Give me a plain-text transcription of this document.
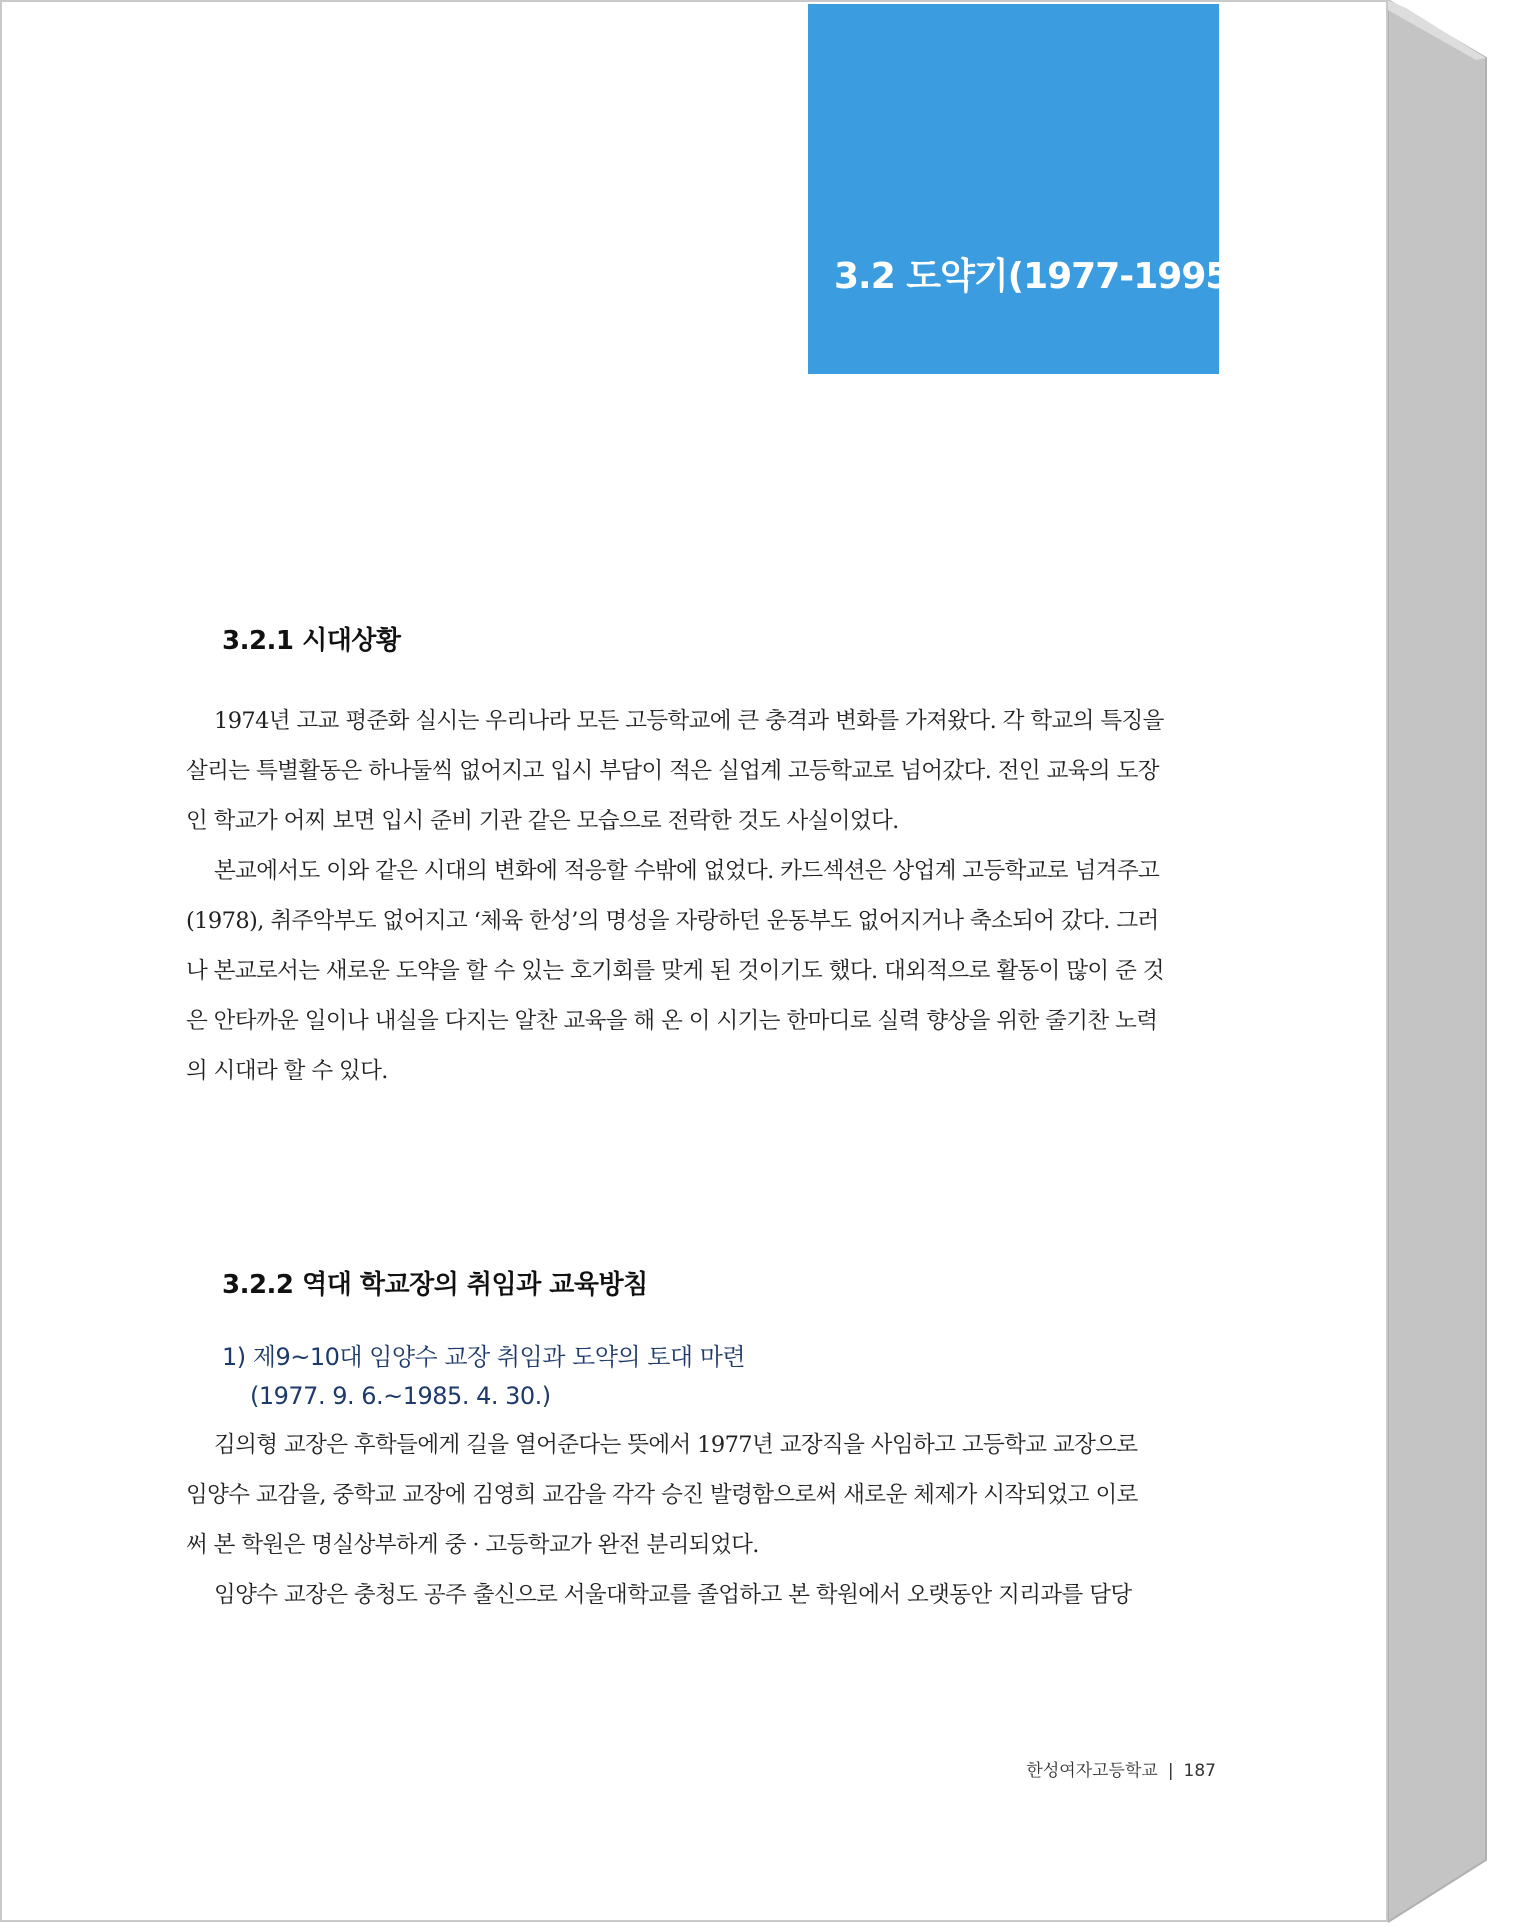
3.2 도약기(1977-1995)
3.2.1 시대상황
1974년 고교 평준화 실시는 우리나라 모든 고등학교에 큰 충격과 변화를 가져왔다. 각 학교의 특징을
살리는 특별활동은 하나둘씩 없어지고 입시 부담이 적은 실업계 고등학교로 넘어갔다. 전인 교육의 도장
인 학교가 어찌 보면 입시 준비 기관 같은 모습으로 전락한 것도 사실이었다.
본교에서도 이와 같은 시대의 변화에 적응할 수밖에 없었다. 카드섹션은 상업계 고등학교로 넘겨주고
(1978), 취주악부도 없어지고 ‘체육 한성’의 명성을 자랑하던 운동부도 없어지거나 축소되어 갔다. 그러
나 본교로서는 새로운 도약을 할 수 있는 호기회를 맞게 된 것이기도 했다. 대외적으로 활동이 많이 준 것
은 안타까운 일이나 내실을 다지는 알찬 교육을 해 온 이 시기는 한마디로 실력 향상을 위한 줄기찬 노력
의 시대라 할 수 있다.
3.2.2 역대 학교장의 취임과 교육방침
1) 제9~10대 임양수 교장 취임과 도약의 토대 마련
(1977. 9. 6.~1985. 4. 30.)
김의형 교장은 후학들에게 길을 열어준다는 뜻에서 1977년 교장직을 사임하고 고등학교 교장으로
임양수 교감을, 중학교 교장에 김영희 교감을 각각 승진 발령함으로써 새로운 체제가 시작되었고 이로
써 본 학원은 명실상부하게 중 · 고등학교가 완전 분리되었다.
임양수 교장은 충청도 공주 출신으로 서울대학교를 졸업하고 본 학원에서 오랫동안 지리과를 담당
한성여자고등학교 | 187
